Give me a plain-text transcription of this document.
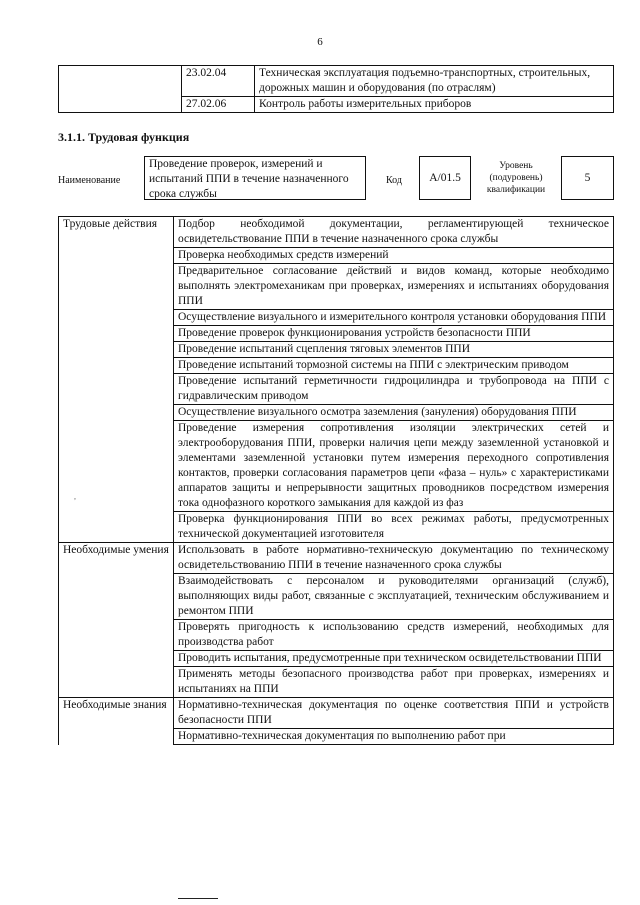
6
	23.02.04	Техническая эксплуатация подъемно-транспортных, строительных, дорожных машин и оборудования (по отраслям)
	27.02.06	Контроль работы измерительных приборов
3.1.1. Трудовая функция
Наименование
Проведение проверок, измерений и испытаний ППИ в течение назначенного срока службы
Код	А/01.5
Уровень (подуровень) квалификации
5
Трудовые действия	Подбор необходимой документации, регламентирующей техническое освидетельствование ППИ в течение назначенного срока службы
	Проверка необходимых средств измерений
	Предварительное согласование действий и видов команд, которые необходимо выполнять электромеханикам при проверках, измерениях и испытаниях оборудования ППИ
	Осуществление визуального и измерительного контроля установки оборудования ППИ
	Проведение проверок функционирования устройств безопасности ППИ
	Проведение испытаний сцепления тяговых элементов ППИ
	Проведение испытаний тормозной системы на ППИ с электрическим приводом
	Проведение испытаний герметичности гидроцилиндра и трубопровода на ППИ с гидравлическим приводом
	Осуществление визуального осмотра заземления (зануления) оборудования ППИ
	Проведение измерения сопротивления изоляции электрических сетей и электрооборудования ППИ, проверки наличия цепи между заземленной установкой и элементами заземленной установки путем измерения переходного сопротивления контактов, проверки согласования параметров цепи «фаза – нуль» с характеристиками аппаратов защиты и непрерывности защитных проводников посредством измерения тока однофазного короткого замыкания для каждой из фаз
	Проверка функционирования ППИ во всех режимах работы, предусмотренных технической документацией изготовителя
Необходимые умения	Использовать в работе нормативно-техническую документацию по техническому освидетельствованию ППИ в течение назначенного срока службы
	Взаимодействовать с персоналом и руководителями организаций (служб), выполняющих виды работ, связанные с эксплуатацией, техническим обслуживанием и ремонтом ППИ
	Проверять пригодность к использованию средств измерений, необходимых для производства работ
	Проводить испытания, предусмотренные при техническом освидетельствовании ППИ
	Применять методы безопасного производства работ при проверках, измерениях и испытаниях на ППИ
Необходимые знания	Нормативно-техническая документация по оценке соответствия ППИ и устройств безопасности ППИ
	Нормативно-техническая документация по выполнению работ при
,
